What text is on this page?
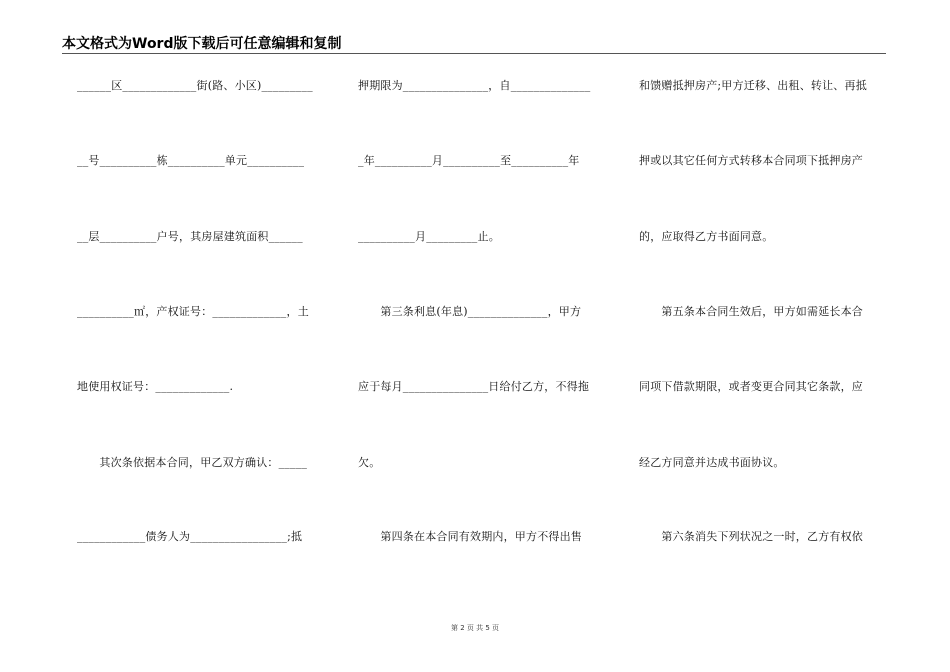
本文格式为Word版下载后可任意编辑和复制
______区_____________街(路、小区)_________
__号__________栋__________单元__________
__层__________户号，其房屋建筑面积______
__________㎡，产权证号：_____________，土
地使用权证号：_____________.
　　其次条依据本合同，甲乙双方确认：_____
____________债务人为_________________;抵
押期限为_______________，自______________
_年__________月__________至__________年
__________月_________止。
　　第三条利息(年息)______________，甲方
应于每月_______________日给付乙方，不得拖
欠。
　　第四条在本合同有效期内，甲方不得出售
和馈赠抵押房产;甲方迁移、出租、转让、再抵
押或以其它任何方式转移本合同项下抵押房产
的，应取得乙方书面同意。
　　第五条本合同生效后，甲方如需延长本合
同项下借款期限，或者变更合同其它条款，应
经乙方同意并达成书面协议。
　　第六条消失下列状况之一时，乙方有权依
第 2 页 共 5 页
